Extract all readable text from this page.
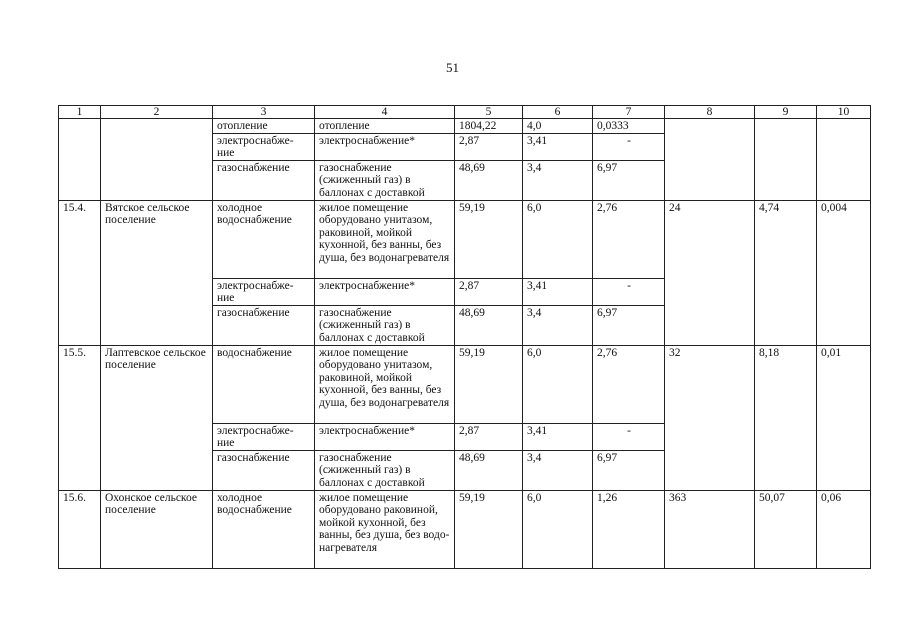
51
1	2	3	4	5	6	7	8	9	10
		отопление	отопление	1804,22	4,0	0,0333			
		электроснабже-ние	электроснабжение*	2,87	3,41	-			
		газоснабжение	газоснабжение (сжиженный газ) в баллонах с доставкой	48,69	3,4	6,97			
15.4.	Вятское сельское поселение	холодное водоснабжение	жилое помещение оборудовано унитазом, раковиной, мойкой кухонной, без ванны, без душа, без водонагревателя	59,19	6,0	2,76	24	4,74	0,004
		электроснабже-ние	электроснабжение*	2,87	3,41	-			
		газоснабжение	газоснабжение (сжиженный газ) в баллонах с доставкой	48,69	3,4	6,97			
15.5.	Лаптевское сельское поселение	водоснабжение	жилое помещение оборудовано унитазом, раковиной, мойкой кухонной, без ванны, без душа, без водонагревателя	59,19	6,0	2,76	32	8,18	0,01
		электроснабже-ние	электроснабжение*	2,87	3,41	-			
		газоснабжение	газоснабжение (сжиженный газ) в баллонах с доставкой	48,69	3,4	6,97			
15.6.	Охонское сельское поселение	холодное водоснабжение	жилое помещение оборудовано раковиной, мойкой кухонной, без ванны, без душа, без водо-нагревателя	59,19	6,0	1,26	363	50,07	0,06
